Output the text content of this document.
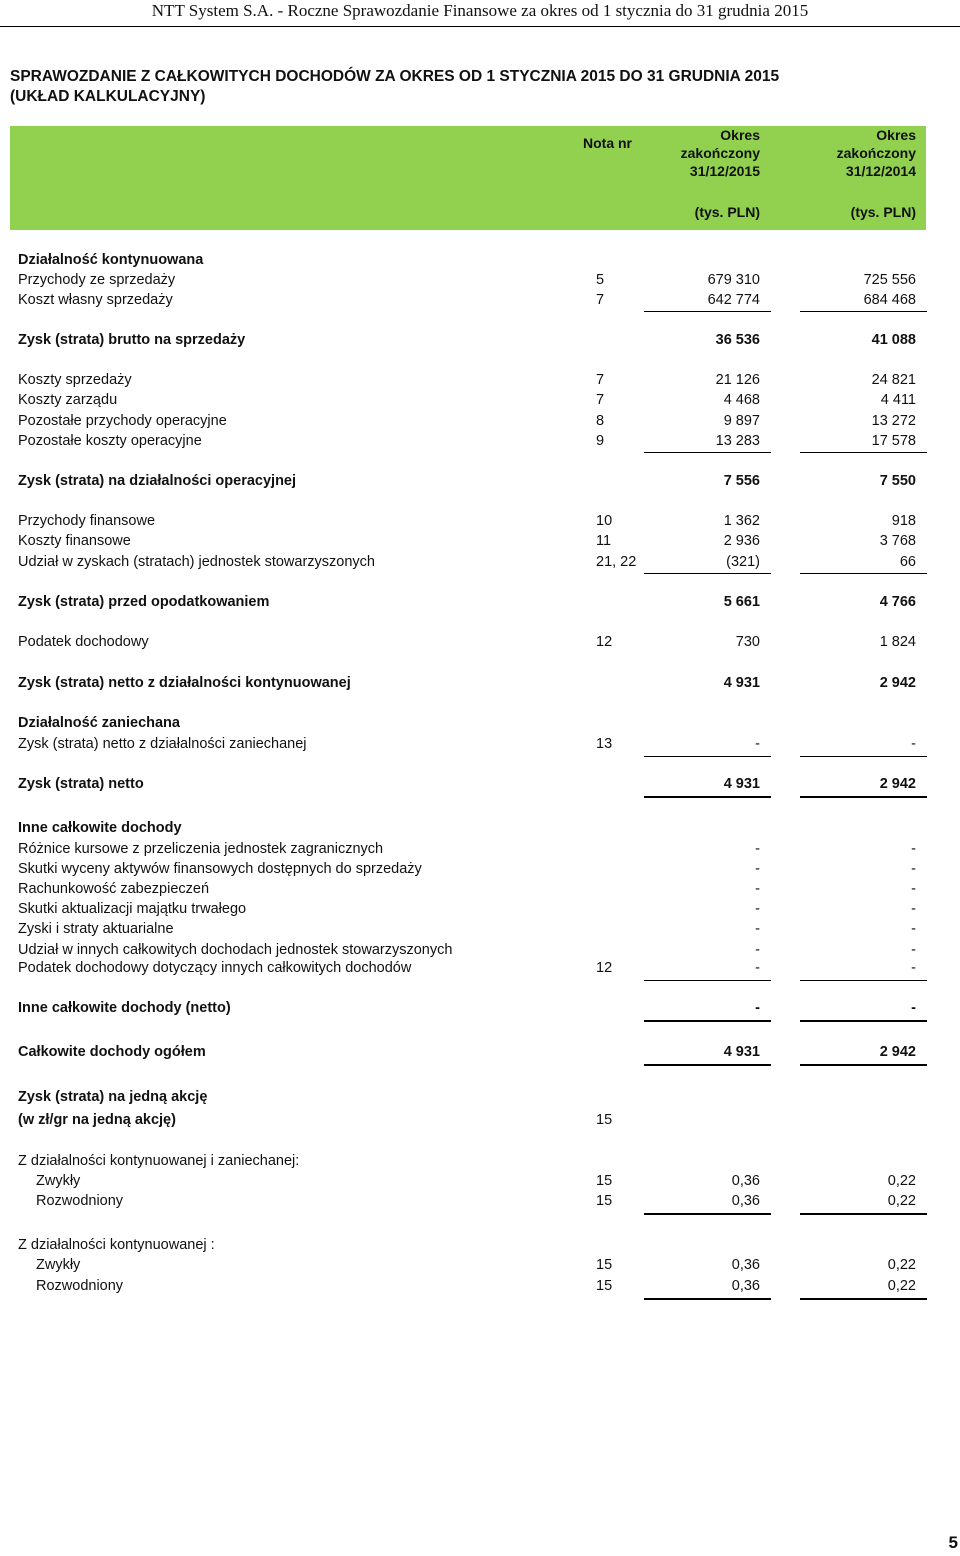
NTT System S.A. - Roczne Sprawozdanie Finansowe za okres od 1 stycznia do 31 grudnia 2015
SPRAWOZDANIE Z CAŁKOWITYCH DOCHODÓW ZA OKRES OD 1 STYCZNIA 2015 DO 31 GRUDNIA 2015
(UKŁAD KALKULACYJNY)
Nota nr	Okres
zakończony
31/12/2015
Okres
zakończony
31/12/2014
(tys. PLN)	(tys. PLN)
Działalność kontynuowana
Przychody ze sprzedaży	5	679 310	725 556
Koszt własny sprzedaży	7	642 774	684 468
Zysk (strata) brutto na sprzedaży	36 536	41 088
Koszty sprzedaży	7	21 126	24 821
Koszty zarządu	7	4 468	4 411
Pozostałe przychody operacyjne	8	9 897	13 272
Pozostałe koszty operacyjne	9	13 283	17 578
Zysk (strata) na działalności operacyjnej	7 556	7 550
Przychody finansowe	10	1 362	918
Koszty finansowe	11	2 936	3 768
Udział w zyskach (stratach) jednostek stowarzyszonych	21, 22	(321)	66
Zysk (strata) przed opodatkowaniem	5 661	4 766
Podatek dochodowy	12	730	1 824
Zysk (strata) netto z działalności kontynuowanej	4 931	2 942
Działalność zaniechana
Zysk (strata) netto z działalności zaniechanej	13	-	-
Zysk (strata) netto	4 931	2 942
Inne całkowite dochody
Różnice kursowe z przeliczenia jednostek zagranicznych	-	-
Skutki wyceny aktywów finansowych dostępnych do sprzedaży	-	-
Rachunkowość zabezpieczeń	-	-
Skutki aktualizacji majątku trwałego	-	-
Zyski i straty aktuarialne	-	-
Udział w innych całkowitych dochodach jednostek stowarzyszonych	-	-
Podatek dochodowy dotyczący innych całkowitych dochodów	12	-	-
Inne całkowite dochody (netto)	-	-
Całkowite dochody ogółem	4 931	2 942
Zysk (strata) na jedną akcję
(w zł/gr na jedną akcję)	15
Z działalności kontynuowanej i zaniechanej:
Zwykły	15	0,36	0,22
Rozwodniony	15	0,36	0,22
Z działalności kontynuowanej :
Zwykły	15	0,36	0,22
Rozwodniony	15	0,36	0,22
5
